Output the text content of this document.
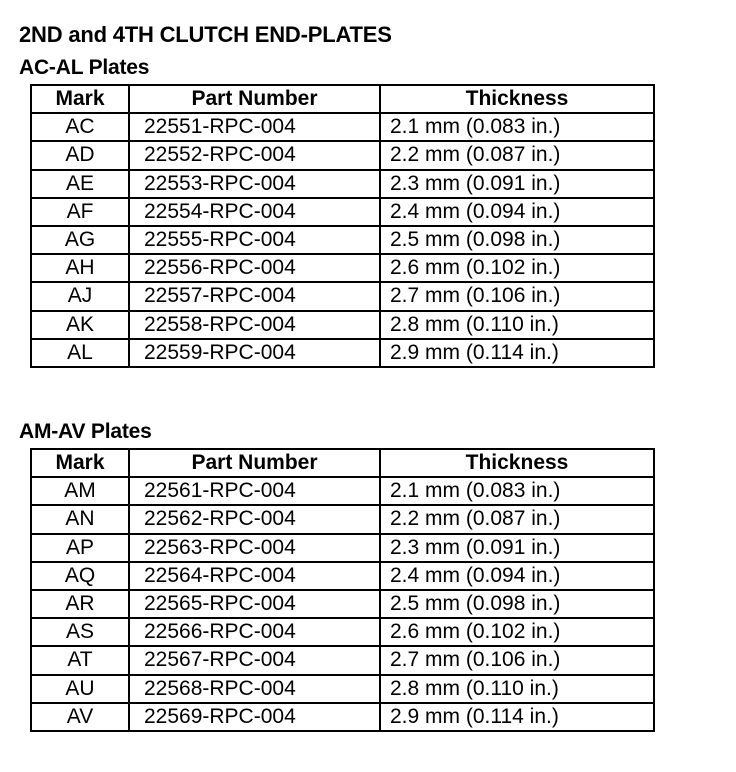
2ND and 4TH CLUTCH END-PLATES
AC-AL Plates
Mark	Part Number	Thickness
AC	22551-RPC-004	2.1 mm (0.083 in.)
AD	22552-RPC-004	2.2 mm (0.087 in.)
AE	22553-RPC-004	2.3 mm (0.091 in.)
AF	22554-RPC-004	2.4 mm (0.094 in.)
AG	22555-RPC-004	2.5 mm (0.098 in.)
AH	22556-RPC-004	2.6 mm (0.102 in.)
AJ	22557-RPC-004	2.7 mm (0.106 in.)
AK	22558-RPC-004	2.8 mm (0.110 in.)
AL	22559-RPC-004	2.9 mm (0.114 in.)
AM-AV Plates
Mark	Part Number	Thickness
AM	22561-RPC-004	2.1 mm (0.083 in.)
AN	22562-RPC-004	2.2 mm (0.087 in.)
AP	22563-RPC-004	2.3 mm (0.091 in.)
AQ	22564-RPC-004	2.4 mm (0.094 in.)
AR	22565-RPC-004	2.5 mm (0.098 in.)
AS	22566-RPC-004	2.6 mm (0.102 in.)
AT	22567-RPC-004	2.7 mm (0.106 in.)
AU	22568-RPC-004	2.8 mm (0.110 in.)
AV	22569-RPC-004	2.9 mm (0.114 in.)
